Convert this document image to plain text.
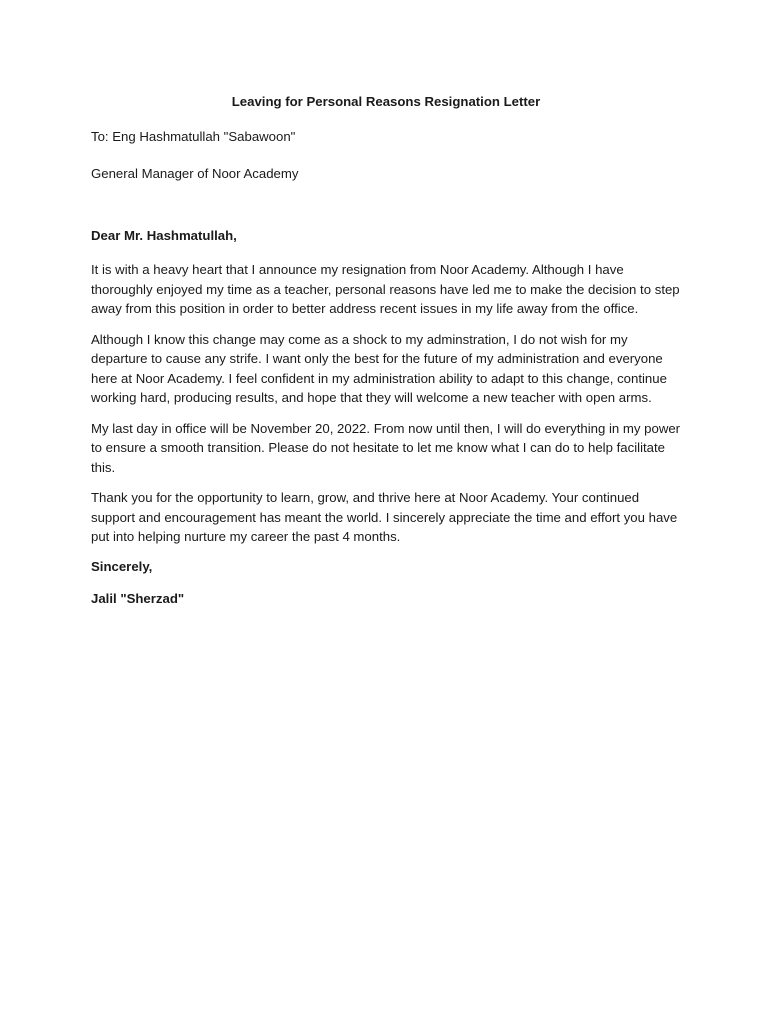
Leaving for Personal Reasons Resignation Letter

To: Eng Hashmatullah "Sabawoon"

General Manager of Noor Academy

Dear Mr. Hashmatullah,

It is with a heavy heart that I announce my resignation from Noor Academy. Although I have thoroughly enjoyed my time as a teacher, personal reasons have led me to make the decision to step away from this position in order to better address recent issues in my life away from the office.

Although I know this change may come as a shock to my adminstration, I do not wish for my departure to cause any strife. I want only the best for the future of my administration and everyone here at Noor Academy. I feel confident in my administration ability to adapt to this change, continue working hard, producing results, and hope that they will welcome a new teacher with open arms.

My last day in office will be November 20, 2022. From now until then, I will do everything in my power to ensure a smooth transition. Please do not hesitate to let me know what I can do to help facilitate this.

Thank you for the opportunity to learn, grow, and thrive here at Noor Academy. Your continued support and encouragement has meant the world. I sincerely appreciate the time and effort you have put into helping nurture my career the past 4 months.

Sincerely,

Jalil "Sherzad"
